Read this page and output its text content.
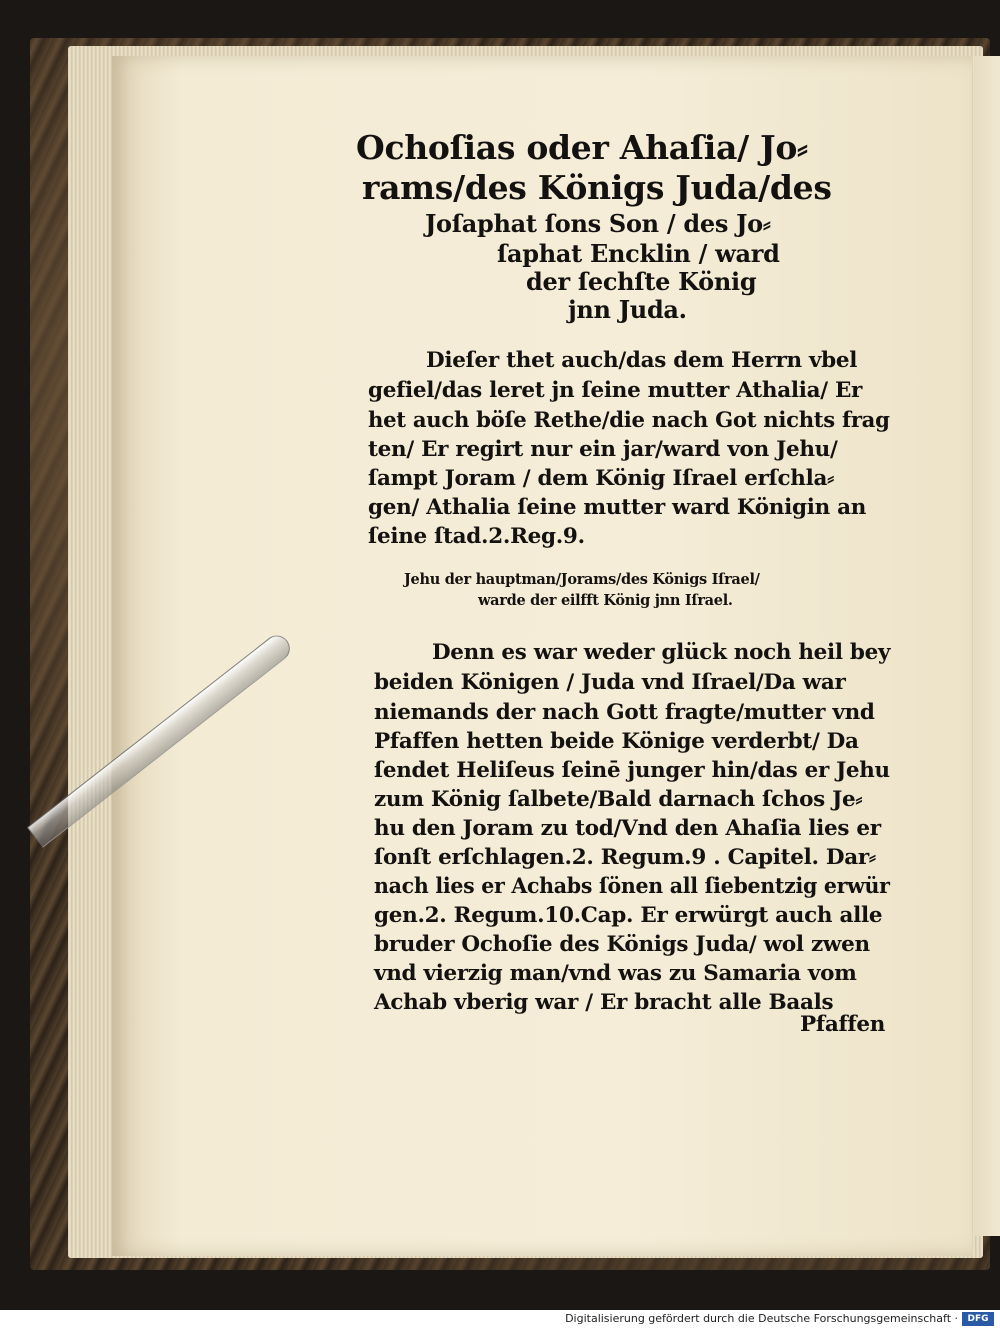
Ochoſias oder Ahaſia/ Jo⸗
rams/des Königs Juda/des
Joſaphat ſons Son / des Jo⸗
ſaphat Encklin / ward
der ſechſte König
jnn Juda.
Dieſer thet auch/das dem Herrn vbel
gefiel/das leret jn ſeine mutter Athalia/ Er
het auch böſe Rethe/die nach Got nichts frag
ten/ Er regirt nur ein jar/ward von Jehu/
ſampt Joram / dem König Iſrael erſchla⸗
gen/ Athalia ſeine mutter ward Königin an
ſeine ſtad.2.Reg.9.
Jehu der hauptman/Jorams/des Königs Iſrael/
warde der eilfft König jnn Iſrael.
Denn es war weder glück noch heil bey
beiden Königen / Juda vnd Iſrael/Da war
niemands der nach Gott fragte/mutter vnd
Pfaffen hetten beide Könige verderbt/ Da
ſendet Heliſeus ſeinē junger hin/das er Jehu
zum König ſalbete/Bald darnach ſchos Je⸗
hu den Joram zu tod/Vnd den Ahaſia lies er
ſonſt erſchlagen.2. Regum.9 . Capitel. Dar⸗
nach lies er Achabs ſönen all ſiebentzig erwür
gen.2. Regum.10.Cap. Er erwürgt auch alle
bruder Ochoſie des Königs Juda/ wol zwen
vnd vierzig man/vnd was zu Samaria vom
Achab vberig war / Er bracht alle Baals
Pfaffen
Digitalisierung gefördert durch die Deutsche Forschungsgemeinschaft ·	DFG
